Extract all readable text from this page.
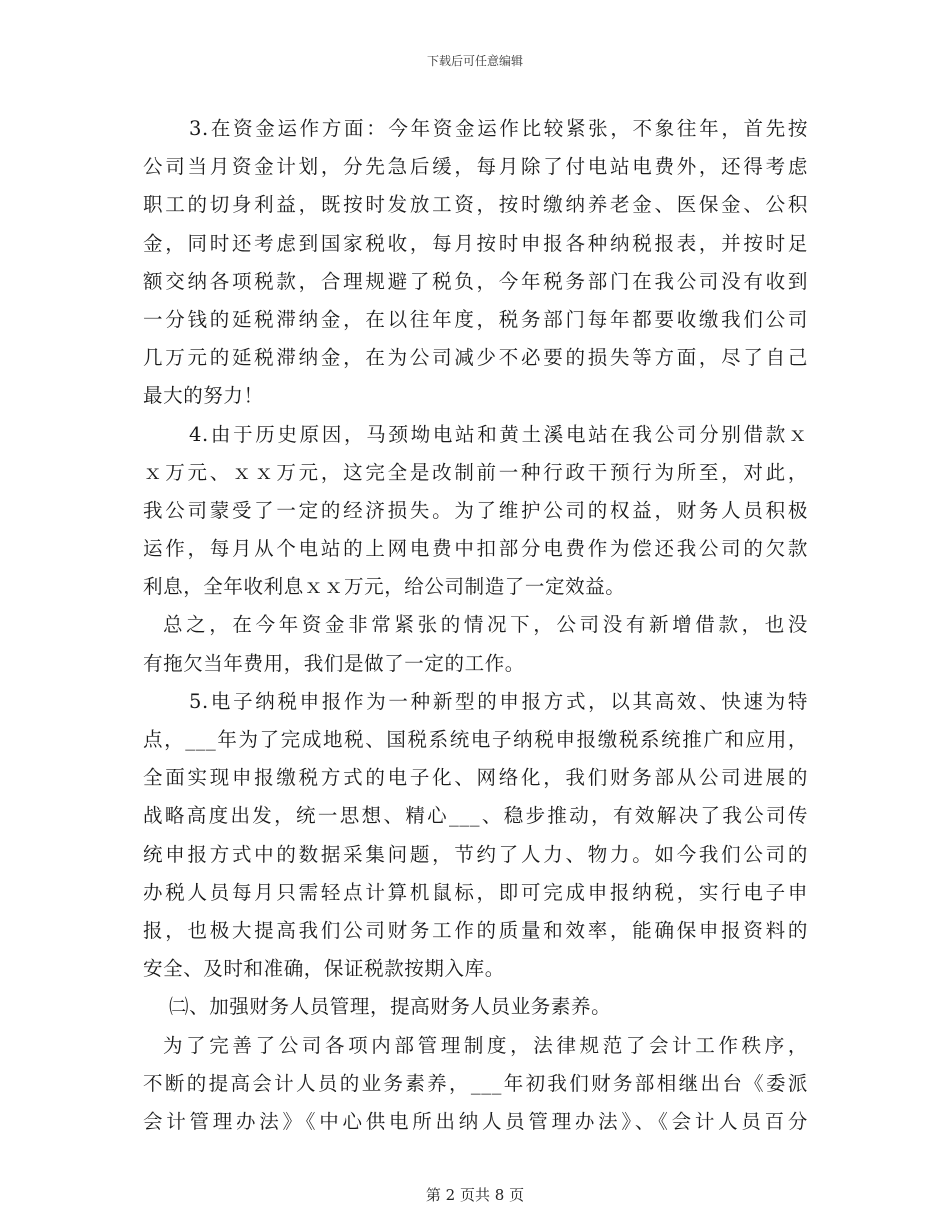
下载后可任意编辑
3.在资金运作方面：今年资金运作比较紧张，不象往年，首先按
公司当月资金计划，分先急后缓，每月除了付电站电费外，还得考虑
职工的切身利益，既按时发放工资，按时缴纳养老金、医保金、公积
金，同时还考虑到国家税收，每月按时申报各种纳税报表，并按时足
额交纳各项税款，合理规避了税负，今年税务部门在我公司没有收到
一分钱的延税滞纳金，在以往年度，税务部门每年都要收缴我们公司
几万元的延税滞纳金，在为公司减少不必要的损失等方面，尽了自己
最大的努力！
4.由于历史原因，马颈坳电站和黄土溪电站在我公司分别借款ｘ
ｘ万元、ｘｘ万元，这完全是改制前一种行政干预行为所至，对此，
我公司蒙受了一定的经济损失。为了维护公司的权益，财务人员积极
运作，每月从个电站的上网电费中扣部分电费作为偿还我公司的欠款
利息，全年收利息ｘｘ万元，给公司制造了一定效益。
总之，在今年资金非常紧张的情况下，公司没有新增借款，也没
有拖欠当年费用，我们是做了一定的工作。
5.电子纳税申报作为一种新型的申报方式，以其高效、快速为特
点，___年为了完成地税、国税系统电子纳税申报缴税系统推广和应用，
全面实现申报缴税方式的电子化、网络化，我们财务部从公司进展的
战略高度出发，统一思想、精心___、稳步推动，有效解决了我公司传
统申报方式中的数据采集问题，节约了人力、物力。如今我们公司的
办税人员每月只需轻点计算机鼠标，即可完成申报纳税，实行电子申
报，也极大提高我们公司财务工作的质量和效率，能确保申报资料的
安全、及时和准确，保证税款按期入库。
㈡、加强财务人员管理，提高财务人员业务素养。
为了完善了公司各项内部管理制度，法律规范了会计工作秩序，
不断的提高会计人员的业务素养，___年初我们财务部相继出台《委派
会计管理办法》《中心供电所出纳人员管理办法》、《会计人员百分
第 2 页共 8 页
